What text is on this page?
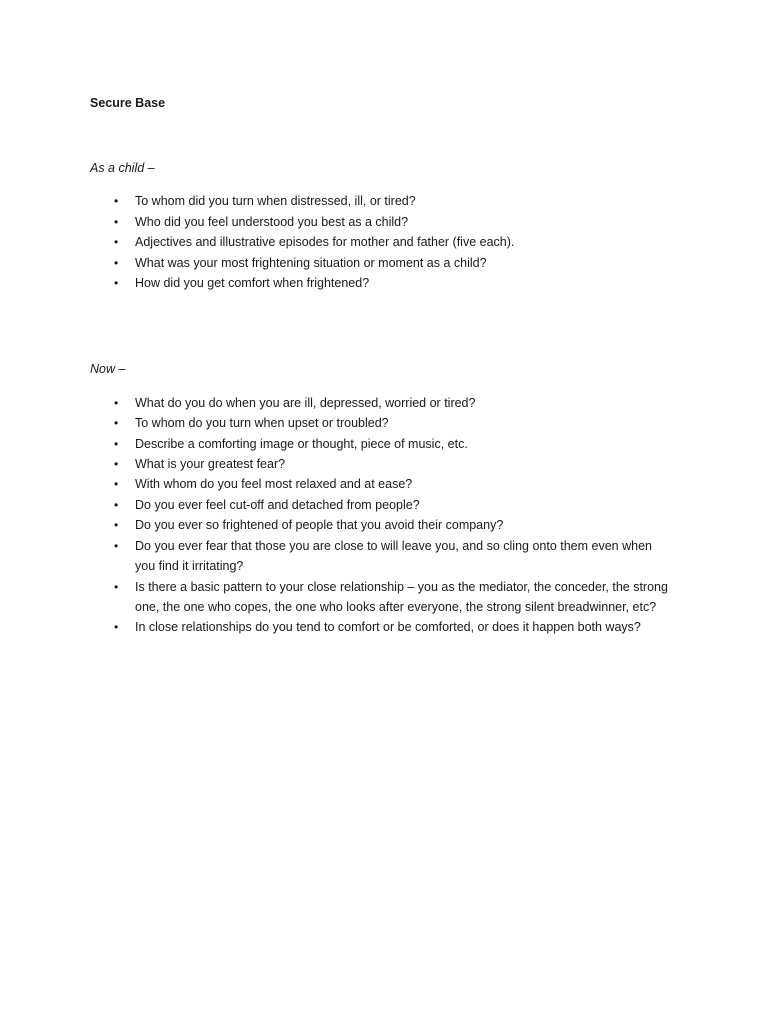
Secure Base

As a child –

• To whom did you turn when distressed, ill, or tired?
• Who did you feel understood you best as a child?
• Adjectives and illustrative episodes for mother and father (five each).
• What was your most frightening situation or moment as a child?
• How did you get comfort when frightened?

Now –

• What do you do when you are ill, depressed, worried or tired?
• To whom do you turn when upset or troubled?
• Describe a comforting image or thought, piece of music, etc.
• What is your greatest fear?
• With whom do you feel most relaxed and at ease?
• Do you ever feel cut-off and detached from people?
• Do you ever so frightened of people that you avoid their company?
• Do you ever fear that those you are close to will leave you, and so cling onto them even when you find it irritating?
• Is there a basic pattern to your close relationship – you as the mediator, the conceder, the strong one, the one who copes, the one who looks after everyone, the strong silent breadwinner, etc?
• In close relationships do you tend to comfort or be comforted, or does it happen both ways?
